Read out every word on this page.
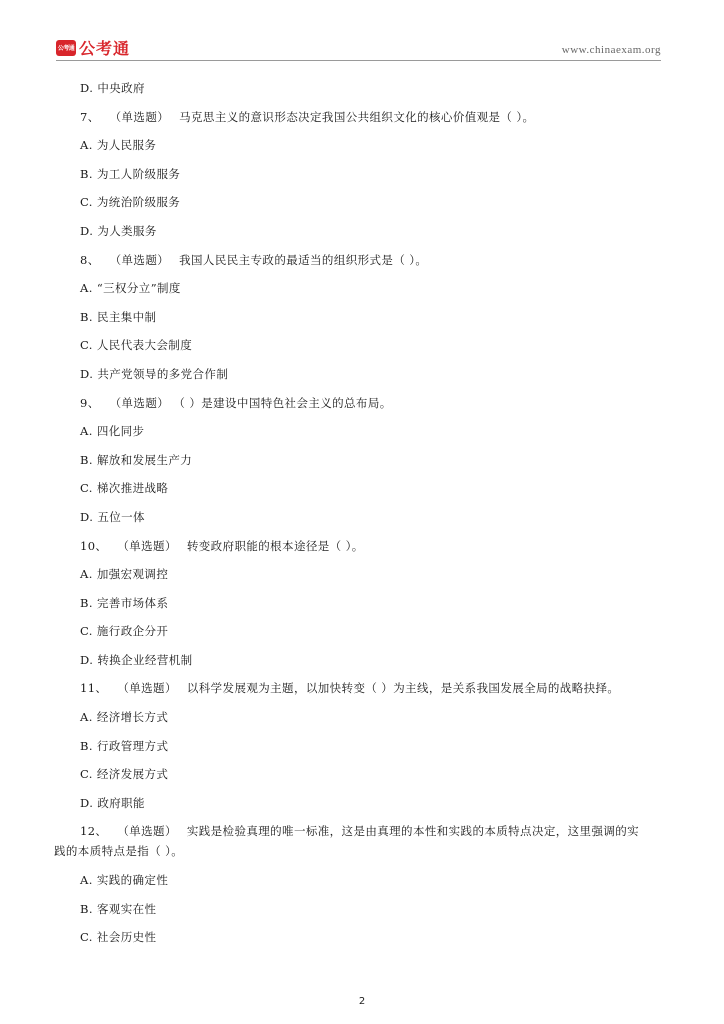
公考通 公考通	www.chinaexam.org
D. 中央政府
7、 （单选题） 马克思主义的意识形态决定我国公共组织文化的核心价值观是（ ）。
A. 为人民服务
B. 为工人阶级服务
C. 为统治阶级服务
D. 为人类服务
8、 （单选题） 我国人民民主专政的最适当的组织形式是（ ）。
A. “三权分立”制度
B. 民主集中制
C. 人民代表大会制度
D. 共产党领导的多党合作制
9、 （单选题） （ ）是建设中国特色社会主义的总布局。
A. 四化同步
B. 解放和发展生产力
C. 梯次推进战略
D. 五位一体
10、 （单选题） 转变政府职能的根本途径是（ ）。
A. 加强宏观调控
B. 完善市场体系
C. 施行政企分开
D. 转换企业经营机制
11、 （单选题） 以科学发展观为主题，以加快转变（ ）为主线，是关系我国发展全局的战略抉择。
A. 经济增长方式
B. 行政管理方式
C. 经济发展方式
D. 政府职能
12、 （单选题） 实践是检验真理的唯一标准，这是由真理的本性和实践的本质特点决定，这里强调的实
践的本质特点是指（ ）。
A. 实践的确定性
B. 客观实在性
C. 社会历史性
2
